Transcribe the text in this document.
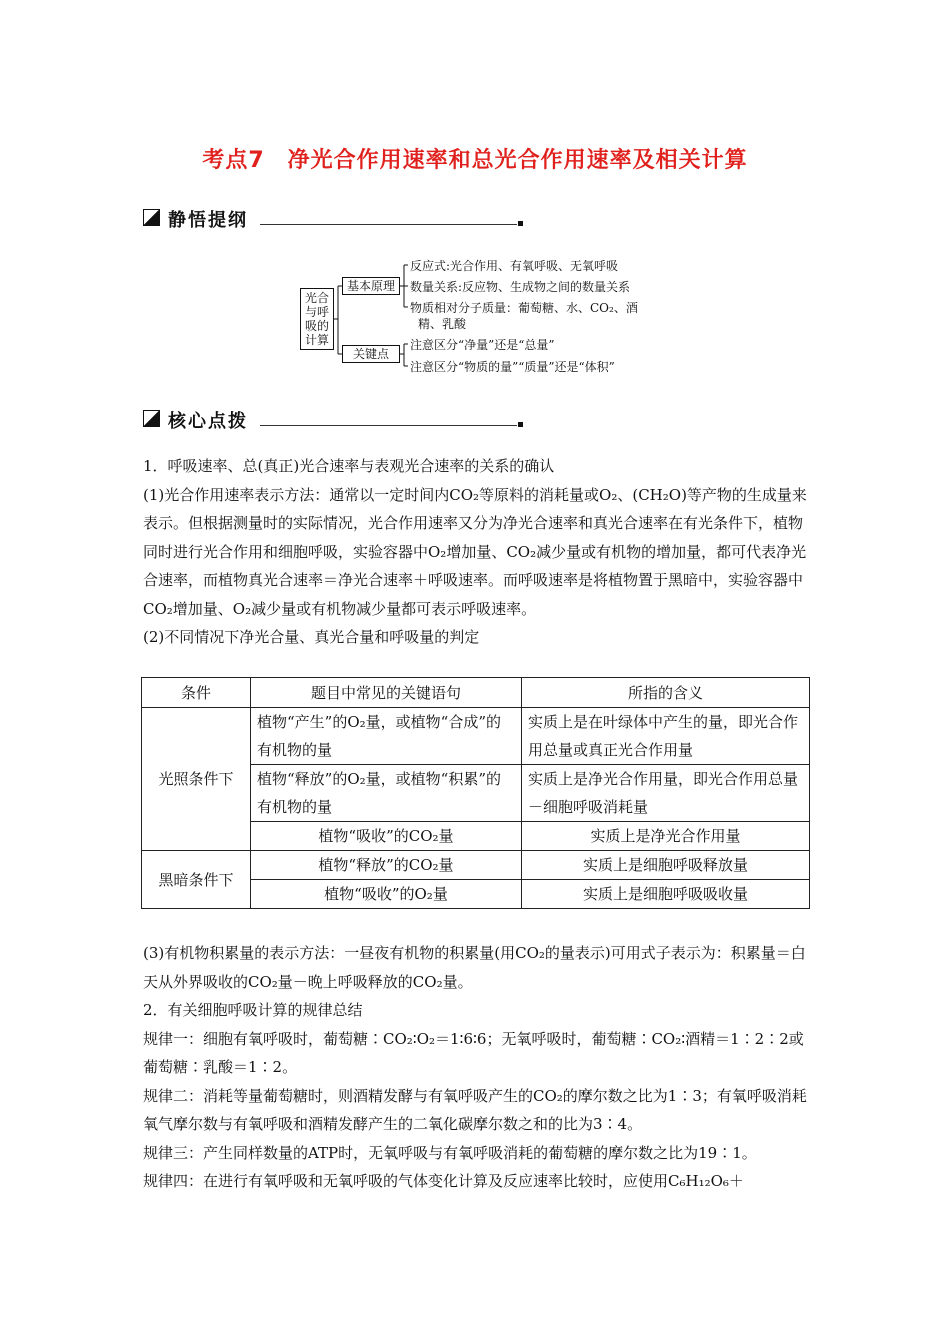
考点7　净光合作用速率和总光合作用速率及相关计算
静悟提纲
光合
与呼
吸的
计算
基本原理
关键点
反应式:光合作用、有氧呼吸、无氧呼吸
数量关系:反应物、生成物之间的数量关系
物质相对分子质量：葡萄糖、水、CO₂、酒
精、乳酸
注意区分“净量”还是“总量”
注意区分“物质的量”“质量”还是“体积”
核心点拨

1．呼吸速率、总(真正)光合速率与表观光合速率的关系的确认

(1)光合作用速率表示方法：通常以一定时间内CO₂等原料的消耗量或O₂、(CH₂O)等产物的生成量来表示。但根据测量时的实际情况，光合作用速率又分为净光合速率和真光合速率在有光条件下，植物同时进行光合作用和细胞呼吸，实验容器中O₂增加量、CO₂减少量或有机物的增加量，都可代表净光合速率，而植物真光合速率＝净光合速率＋呼吸速率。而呼吸速率是将植物置于黑暗中，实验容器中CO₂增加量、O₂减少量或有机物减少量都可表示呼吸速率。

(2)不同情况下净光合量、真光合量和呼吸量的判定

条件	题目中常见的关键语句	所指的含义
光照条件下	植物“产生”的O₂量，或植物“合成”的有机物的量	实质上是在叶绿体中产生的量，即光合作用总量或真正光合作用量
	植物“释放”的O₂量，或植物“积累”的有机物的量	实质上是净光合作用量，即光合作用总量－细胞呼吸消耗量
	植物“吸收”的CO₂量	实质上是净光合作用量
黑暗条件下	植物“释放”的CO₂量	实质上是细胞呼吸释放量
	植物“吸收”的O₂量	实质上是细胞呼吸吸收量

(3)有机物积累量的表示方法：一昼夜有机物的积累量(用CO₂的量表示)可用式子表示为：积累量＝白天从外界吸收的CO₂量－晚上呼吸释放的CO₂量。

2．有关细胞呼吸计算的规律总结

规律一：细胞有氧呼吸时，葡萄糖∶CO₂∶O₂＝1∶6∶6；无氧呼吸时，葡萄糖∶CO₂∶酒精＝1∶2∶2或葡萄糖∶乳酸＝1∶2。

规律二：消耗等量葡萄糖时，则酒精发酵与有氧呼吸产生的CO₂的摩尔数之比为1∶3；有氧呼吸消耗氧气摩尔数与有氧呼吸和酒精发酵产生的二氧化碳摩尔数之和的比为3∶4。

规律三：产生同样数量的ATP时，无氧呼吸与有氧呼吸消耗的葡萄糖的摩尔数之比为19∶1。

规律四：在进行有氧呼吸和无氧呼吸的气体变化计算及反应速率比较时，应使用C₆H₁₂O₆＋
